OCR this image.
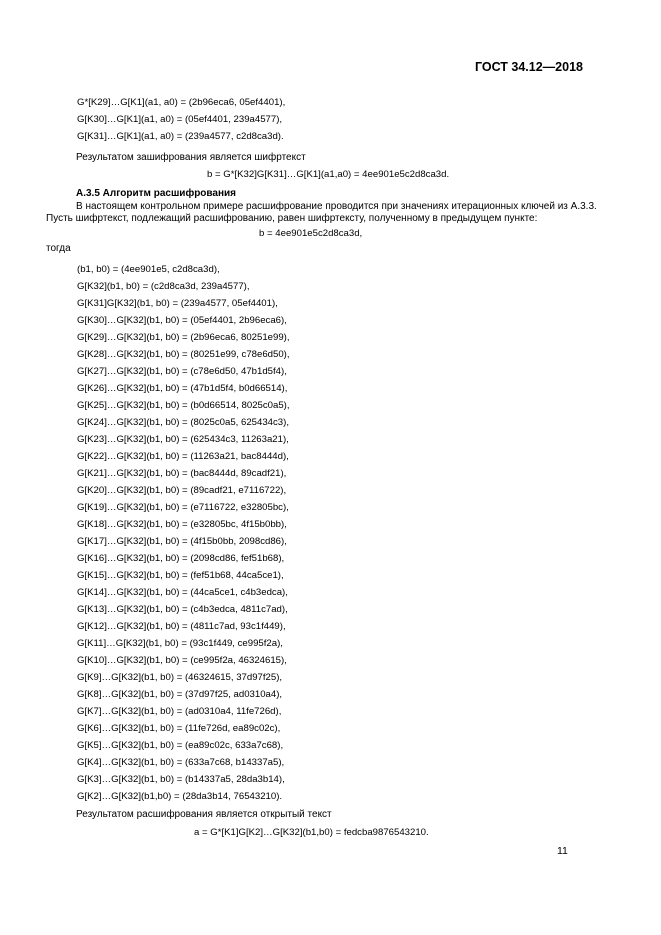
ГОСТ 34.12—2018
G*[K29]…G[K1](a1, a0) = (2b96eca6, 05ef4401),
G[K30]…G[K1](a1, a0) = (05ef4401, 239a4577),
G[K31]…G[K1](a1, a0) = (239a4577, c2d8ca3d).
Результатом зашифрования является шифртекст
b = G*[K32]G[K31]…G[K1](a1,a0) = 4ee901e5c2d8ca3d.
А.3.5 Алгоритм расшифрования
В настоящем контрольном примере расшифрование проводится при значениях итерационных ключей из А.3.3.
Пусть шифртекст, подлежащий расшифрованию, равен шифртексту, полученному в предыдущем пункте:
b = 4ee901e5c2d8ca3d,
тогда
(b1, b0) = (4ee901e5, c2d8ca3d),
G[K32](b1, b0) = (c2d8ca3d, 239a4577),
G[K31]G[K32](b1, b0) = (239a4577, 05ef4401),
G[K30]…G[K32](b1, b0) = (05ef4401, 2b96eca6),
G[K29]…G[K32](b1, b0) = (2b96eca6, 80251e99),
G[K28]…G[K32](b1, b0) = (80251e99, c78e6d50),
G[K27]…G[K32](b1, b0) = (c78e6d50, 47b1d5f4),
G[K26]…G[K32](b1, b0) = (47b1d5f4, b0d66514),
G[K25]…G[K32](b1, b0) = (b0d66514, 8025c0a5),
G[K24]…G[K32](b1, b0) = (8025c0a5, 625434c3),
G[K23]…G[K32](b1, b0) = (625434c3, 11263a21),
G[K22]…G[K32](b1, b0) = (11263a21, bac8444d),
G[K21]…G[K32](b1, b0) = (bac8444d, 89cadf21),
G[K20]…G[K32](b1, b0) = (89cadf21, e7116722),
G[K19]…G[K32](b1, b0) = (e7116722, e32805bc),
G[K18]…G[K32](b1, b0) = (e32805bc, 4f15b0bb),
G[K17]…G[K32](b1, b0) = (4f15b0bb, 2098cd86),
G[K16]…G[K32](b1, b0) = (2098cd86, fef51b68),
G[K15]…G[K32](b1, b0) = (fef51b68, 44ca5ce1),
G[K14]…G[K32](b1, b0) = (44ca5ce1, c4b3edca),
G[K13]…G[K32](b1, b0) = (c4b3edca, 4811c7ad),
G[K12]…G[K32](b1, b0) = (4811c7ad, 93c1f449),
G[K11]…G[K32](b1, b0) = (93c1f449, ce995f2a),
G[K10]…G[K32](b1, b0) = (ce995f2a, 46324615),
G[K9]…G[K32](b1, b0) = (46324615, 37d97f25),
G[K8]…G[K32](b1, b0) = (37d97f25, ad0310a4),
G[K7]…G[K32](b1, b0) = (ad0310a4, 11fe726d),
G[K6]…G[K32](b1, b0) = (11fe726d, ea89c02c),
G[K5]…G[K32](b1, b0) = (ea89c02c, 633a7c68),
G[K4]…G[K32](b1, b0) = (633a7c68, b14337a5),
G[K3]…G[K32](b1, b0) = (b14337a5, 28da3b14),
G[K2]…G[K32](b1,b0) = (28da3b14, 76543210).
Результатом расшифрования является открытый текст
a = G*[K1]G[K2]…G[K32](b1,b0) = fedcba9876543210.
11
